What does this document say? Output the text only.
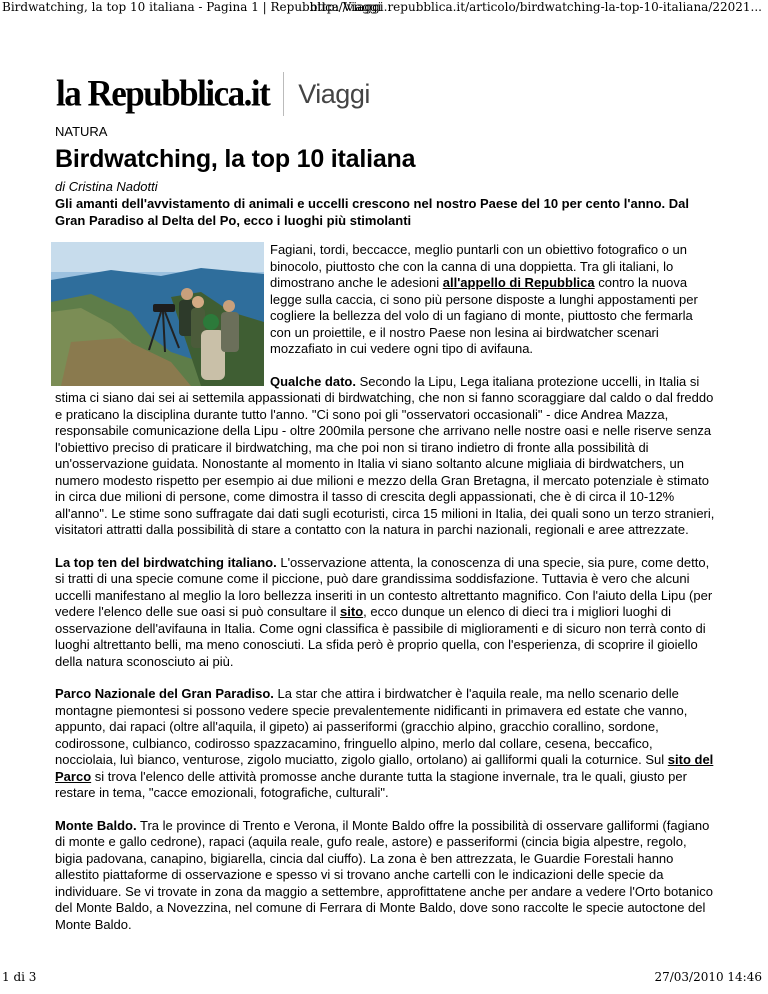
Birdwatching, la top 10 italiana - Pagina 1 | Repubblica Viaggi
http://viaggi.repubblica.it/articolo/birdwatching-la-top-10-italiana/22021...
la Repubblica.it Viaggi
NATURA
Birdwatching, la top 10 italiana
di Cristina Nadotti
Gli amanti dell'avvistamento di animali e uccelli crescono nel nostro Paese del 10 per cento l'anno. Dal Gran Paradiso al Delta del Po, ecco i luoghi più stimolanti

Fagiani, tordi, beccacce, meglio puntarli con un obiettivo fotografico o un binocolo, piuttosto che con la canna di una doppietta. Tra gli italiani, lo dimostrano anche le adesioni all'appello di Repubblica contro la nuova legge sulla caccia, ci sono più persone disposte a lunghi appostamenti per cogliere la bellezza del volo di un fagiano di monte, piuttosto che fermarla con un proiettile, e il nostro Paese non lesina ai birdwatcher scenari mozzafiato in cui vedere ogni tipo di avifauna.

Qualche dato. Secondo la Lipu, Lega italiana protezione uccelli, in Italia si stima ci siano dai sei ai settemila appassionati di birdwatching, che non si fanno scoraggiare dal caldo o dal freddo e praticano la disciplina durante tutto l'anno. "Ci sono poi gli "osservatori occasionali" - dice Andrea Mazza, responsabile comunicazione della Lipu - oltre 200mila persone che arrivano nelle nostre oasi e nelle riserve senza l'obiettivo preciso di praticare il birdwatching, ma che poi non si tirano indietro di fronte alla possibilità di un'osservazione guidata. Nonostante al momento in Italia vi siano soltanto alcune migliaia di birdwatchers, un numero modesto rispetto per esempio ai due milioni e mezzo della Gran Bretagna, il mercato potenziale è stimato in circa due milioni di persone, come dimostra il tasso di crescita degli appassionati, che è di circa il 10-12% all'anno". Le stime sono suffragate dai dati sugli ecoturisti, circa 15 milioni in Italia, dei quali sono un terzo stranieri, visitatori attratti dalla possibilità di stare a contatto con la natura in parchi nazionali, regionali e aree attrezzate.

La top ten del birdwatching italiano. L'osservazione attenta, la conoscenza di una specie, sia pure, come detto, si tratti di una specie comune come il piccione, può dare grandissima soddisfazione. Tuttavia è vero che alcuni uccelli manifestano al meglio la loro bellezza inseriti in un contesto altrettanto magnifico. Con l'aiuto della Lipu (per vedere l'elenco delle sue oasi si può consultare il sito, ecco dunque un elenco di dieci tra i migliori luoghi di osservazione dell'avifauna in Italia. Come ogni classifica è passibile di miglioramenti e di sicuro non terrà conto di luoghi altrettanto belli, ma meno conosciuti. La sfida però è proprio quella, con l'esperienza, di scoprire il gioiello della natura sconosciuto ai più.

Parco Nazionale del Gran Paradiso. La star che attira i birdwatcher è l'aquila reale, ma nello scenario delle montagne piemontesi si possono vedere specie prevalentemente nidificanti in primavera ed estate che vanno, appunto, dai rapaci (oltre all'aquila, il gipeto) ai passeriformi (gracchio alpino, gracchio corallino, sordone, codirossone, culbianco, codirosso spazzacamino, fringuello alpino, merlo dal collare, cesena, beccafico, nocciolaia, luì bianco, venturose, zigolo muciatto, zigolo giallo, ortolano) ai galliformi quali la coturnice. Sul sito del Parco si trova l'elenco delle attività promosse anche durante tutta la stagione invernale, tra le quali, giusto per restare in tema, "cacce emozionali, fotografiche, culturali".

Monte Baldo. Tra le province di Trento e Verona, il Monte Baldo offre la possibilità di osservare galliformi (fagiano di monte e gallo cedrone), rapaci (aquila reale, gufo reale, astore) e passeriformi (cincia bigia alpestre, regolo, bigia padovana, canapino, bigiarella, cincia dal ciuffo). La zona è ben attrezzata, le Guardie Forestali hanno allestito piattaforme di osservazione e spesso vi si trovano anche cartelli con le indicazioni delle specie da individuare. Se vi trovate in zona da maggio a settembre, approfittatene anche per andare a vedere l'Orto botanico del Monte Baldo, a Novezzina, nel comune di Ferrara di Monte Baldo, dove sono raccolte le specie autoctone del Monte Baldo.

1 di 3	27/03/2010 14:46
